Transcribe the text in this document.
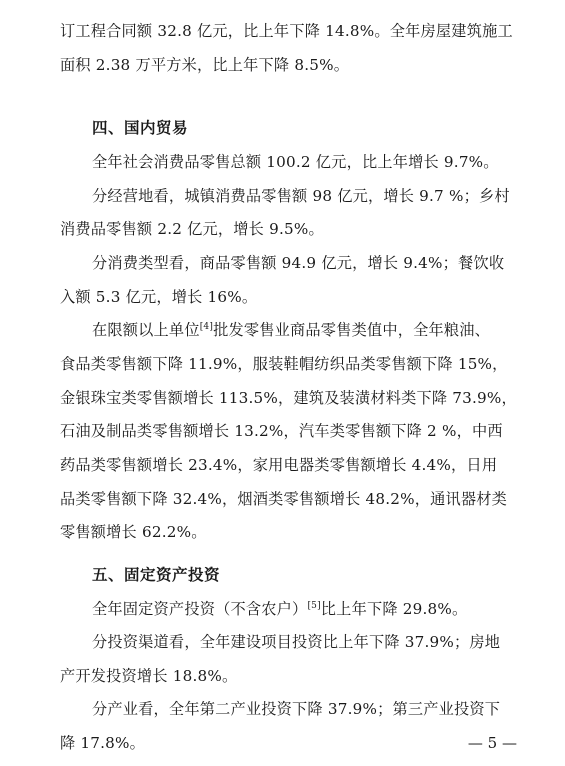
订工程合同额 32.8 亿元，比上年下降 14.8%。全年房屋建筑施工
面积 2.38 万平方米，比上年下降 8.5%。
四、国内贸易
全年社会消费品零售总额 100.2 亿元，比上年增长 9.7%。
分经营地看，城镇消费品零售额 98 亿元，增长 9.7 %；乡村
消费品零售额 2.2 亿元，增长 9.5%。
分消费类型看，商品零售额 94.9 亿元，增长 9.4%；餐饮收
入额 5.3 亿元，增长 16%。
在限额以上单位[4]批发零售业商品零售类值中，全年粮油、
食品类零售额下降 11.9%，服装鞋帽纺织品类零售额下降 15%，
金银珠宝类零售额增长 113.5%，建筑及装潢材料类下降 73.9%，
石油及制品类零售额增长 13.2%，汽车类零售额下降 2 %，中西
药品类零售额增长 23.4%，家用电器类零售额增长 4.4%，日用
品类零售额下降 32.4%，烟酒类零售额增长 48.2%，通讯器材类
零售额增长 62.2%。
五、固定资产投资
全年固定资产投资（不含农户）[5]比上年下降 29.8%。
分投资渠道看，全年建设项目投资比上年下降 37.9%；房地
产开发投资增长 18.8%。
分产业看，全年第二产业投资下降 37.9%；第三产业投资下
降 17.8%。	— 5 —
